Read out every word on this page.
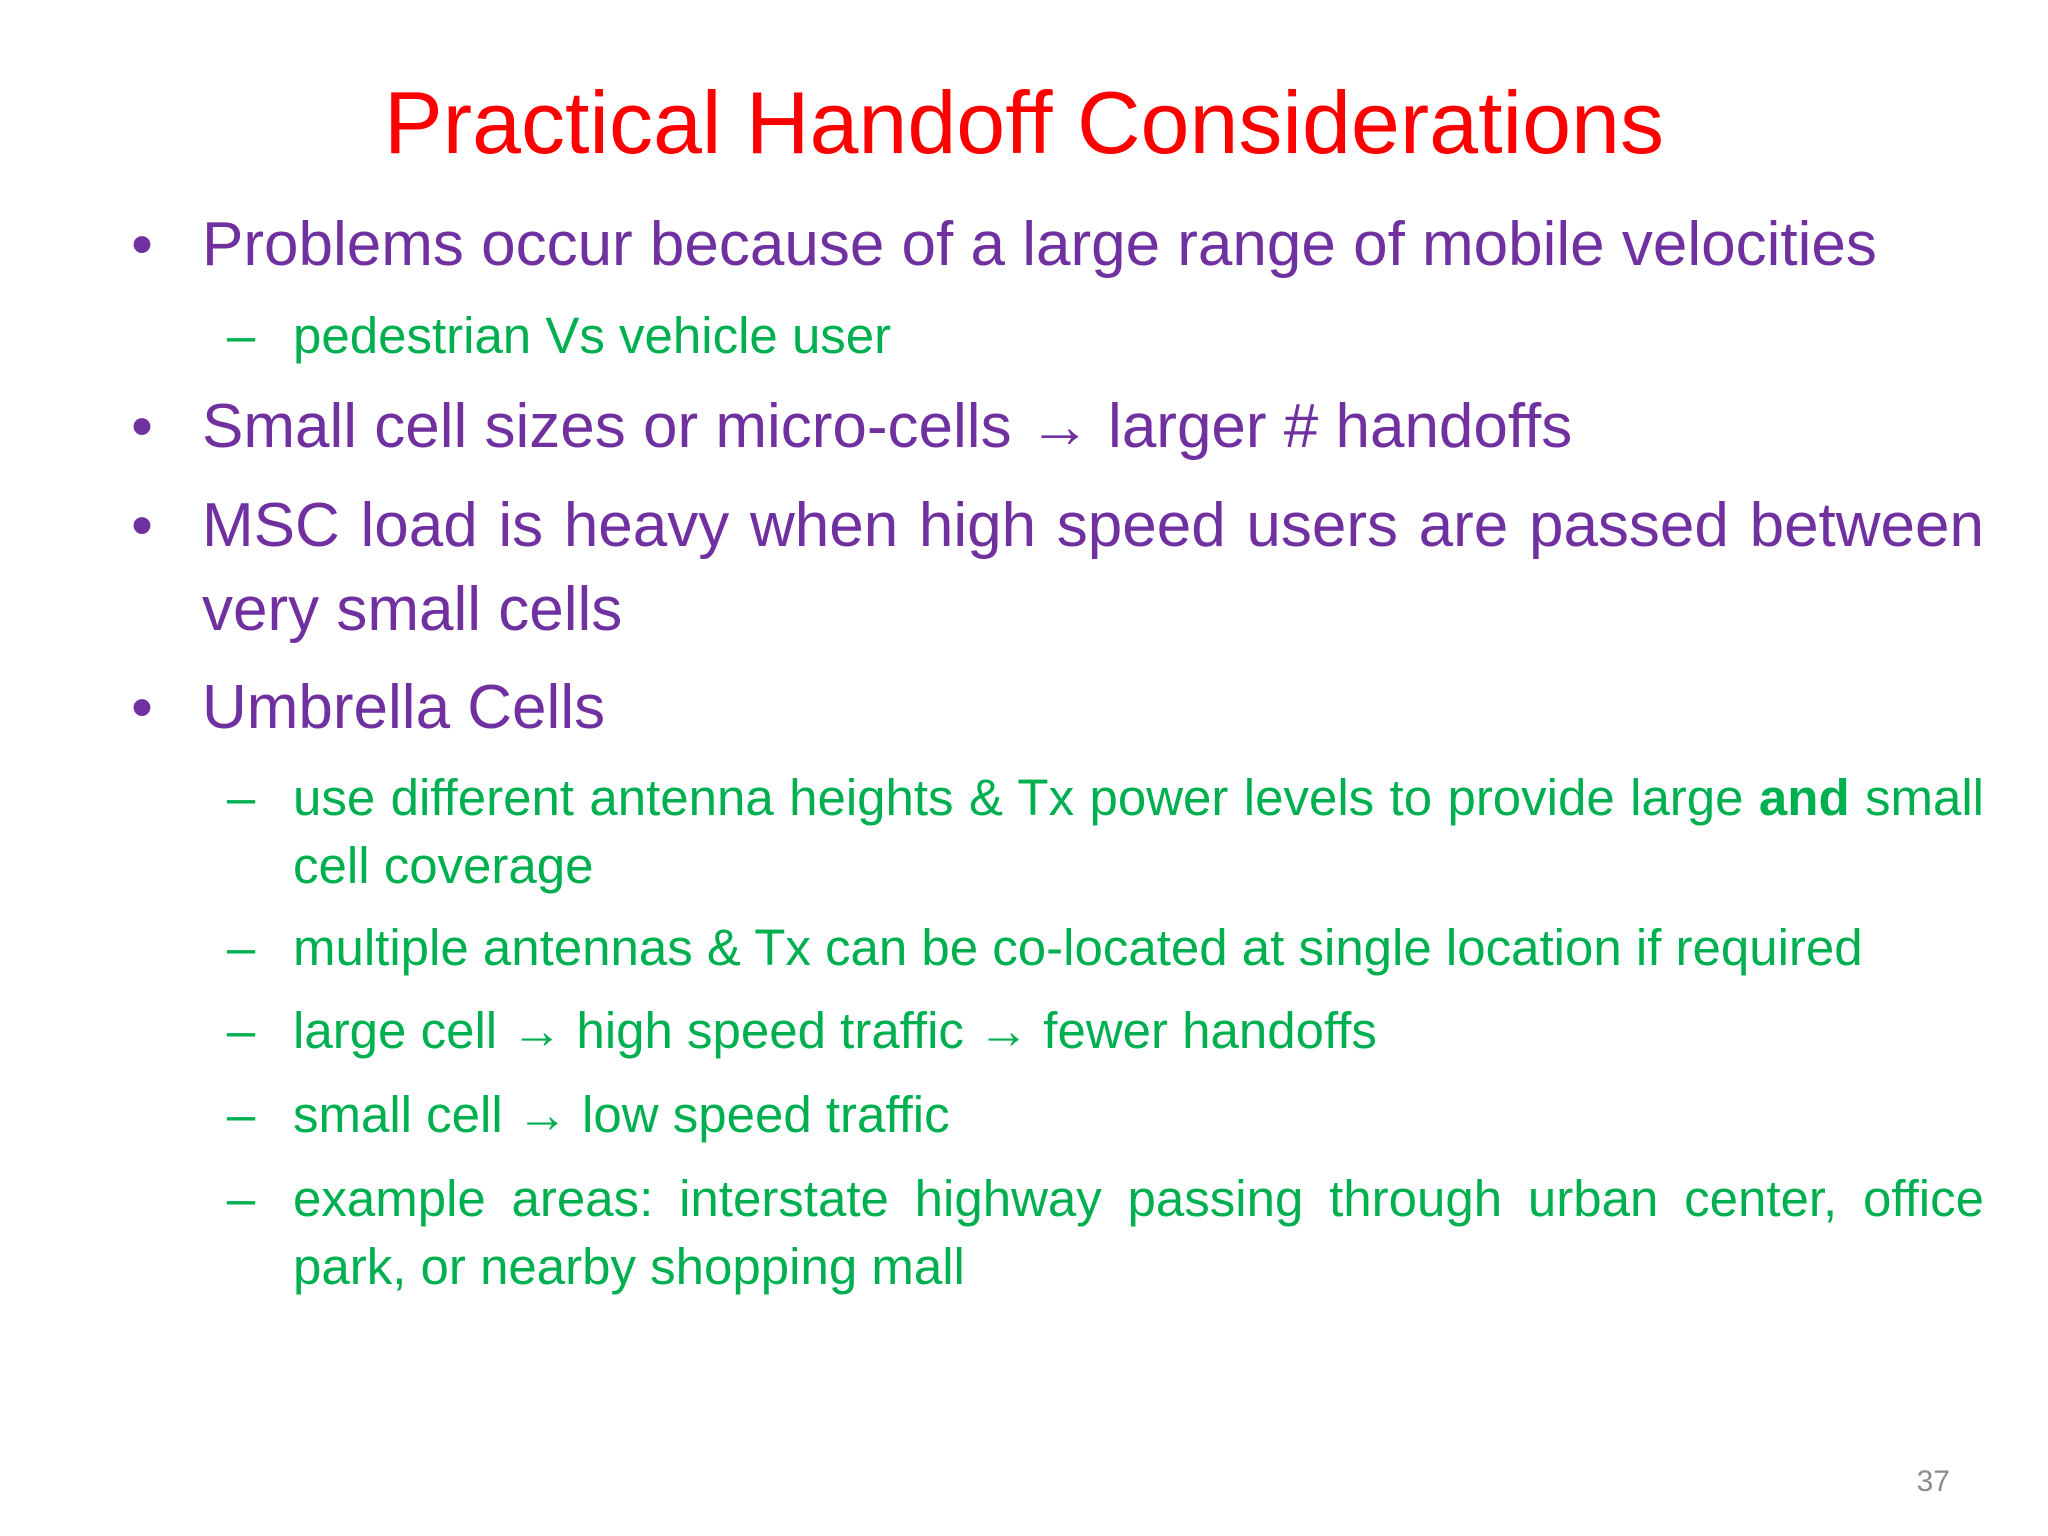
Practical Handoff Considerations
• Problems occur because of a large range of mobile velocities
– pedestrian Vs vehicle user
• Small cell sizes or micro-cells → larger # handoffs
• MSC load is heavy when high speed users are passed between very small cells
• Umbrella Cells
– use different antenna heights & Tx power levels to provide large and small cell coverage
– multiple antennas & Tx can be co-located at single location if required
– large cell → high speed traffic → fewer handoffs
– small cell → low speed traffic
– example areas: interstate highway passing through urban center, office park, or nearby shopping mall
37
